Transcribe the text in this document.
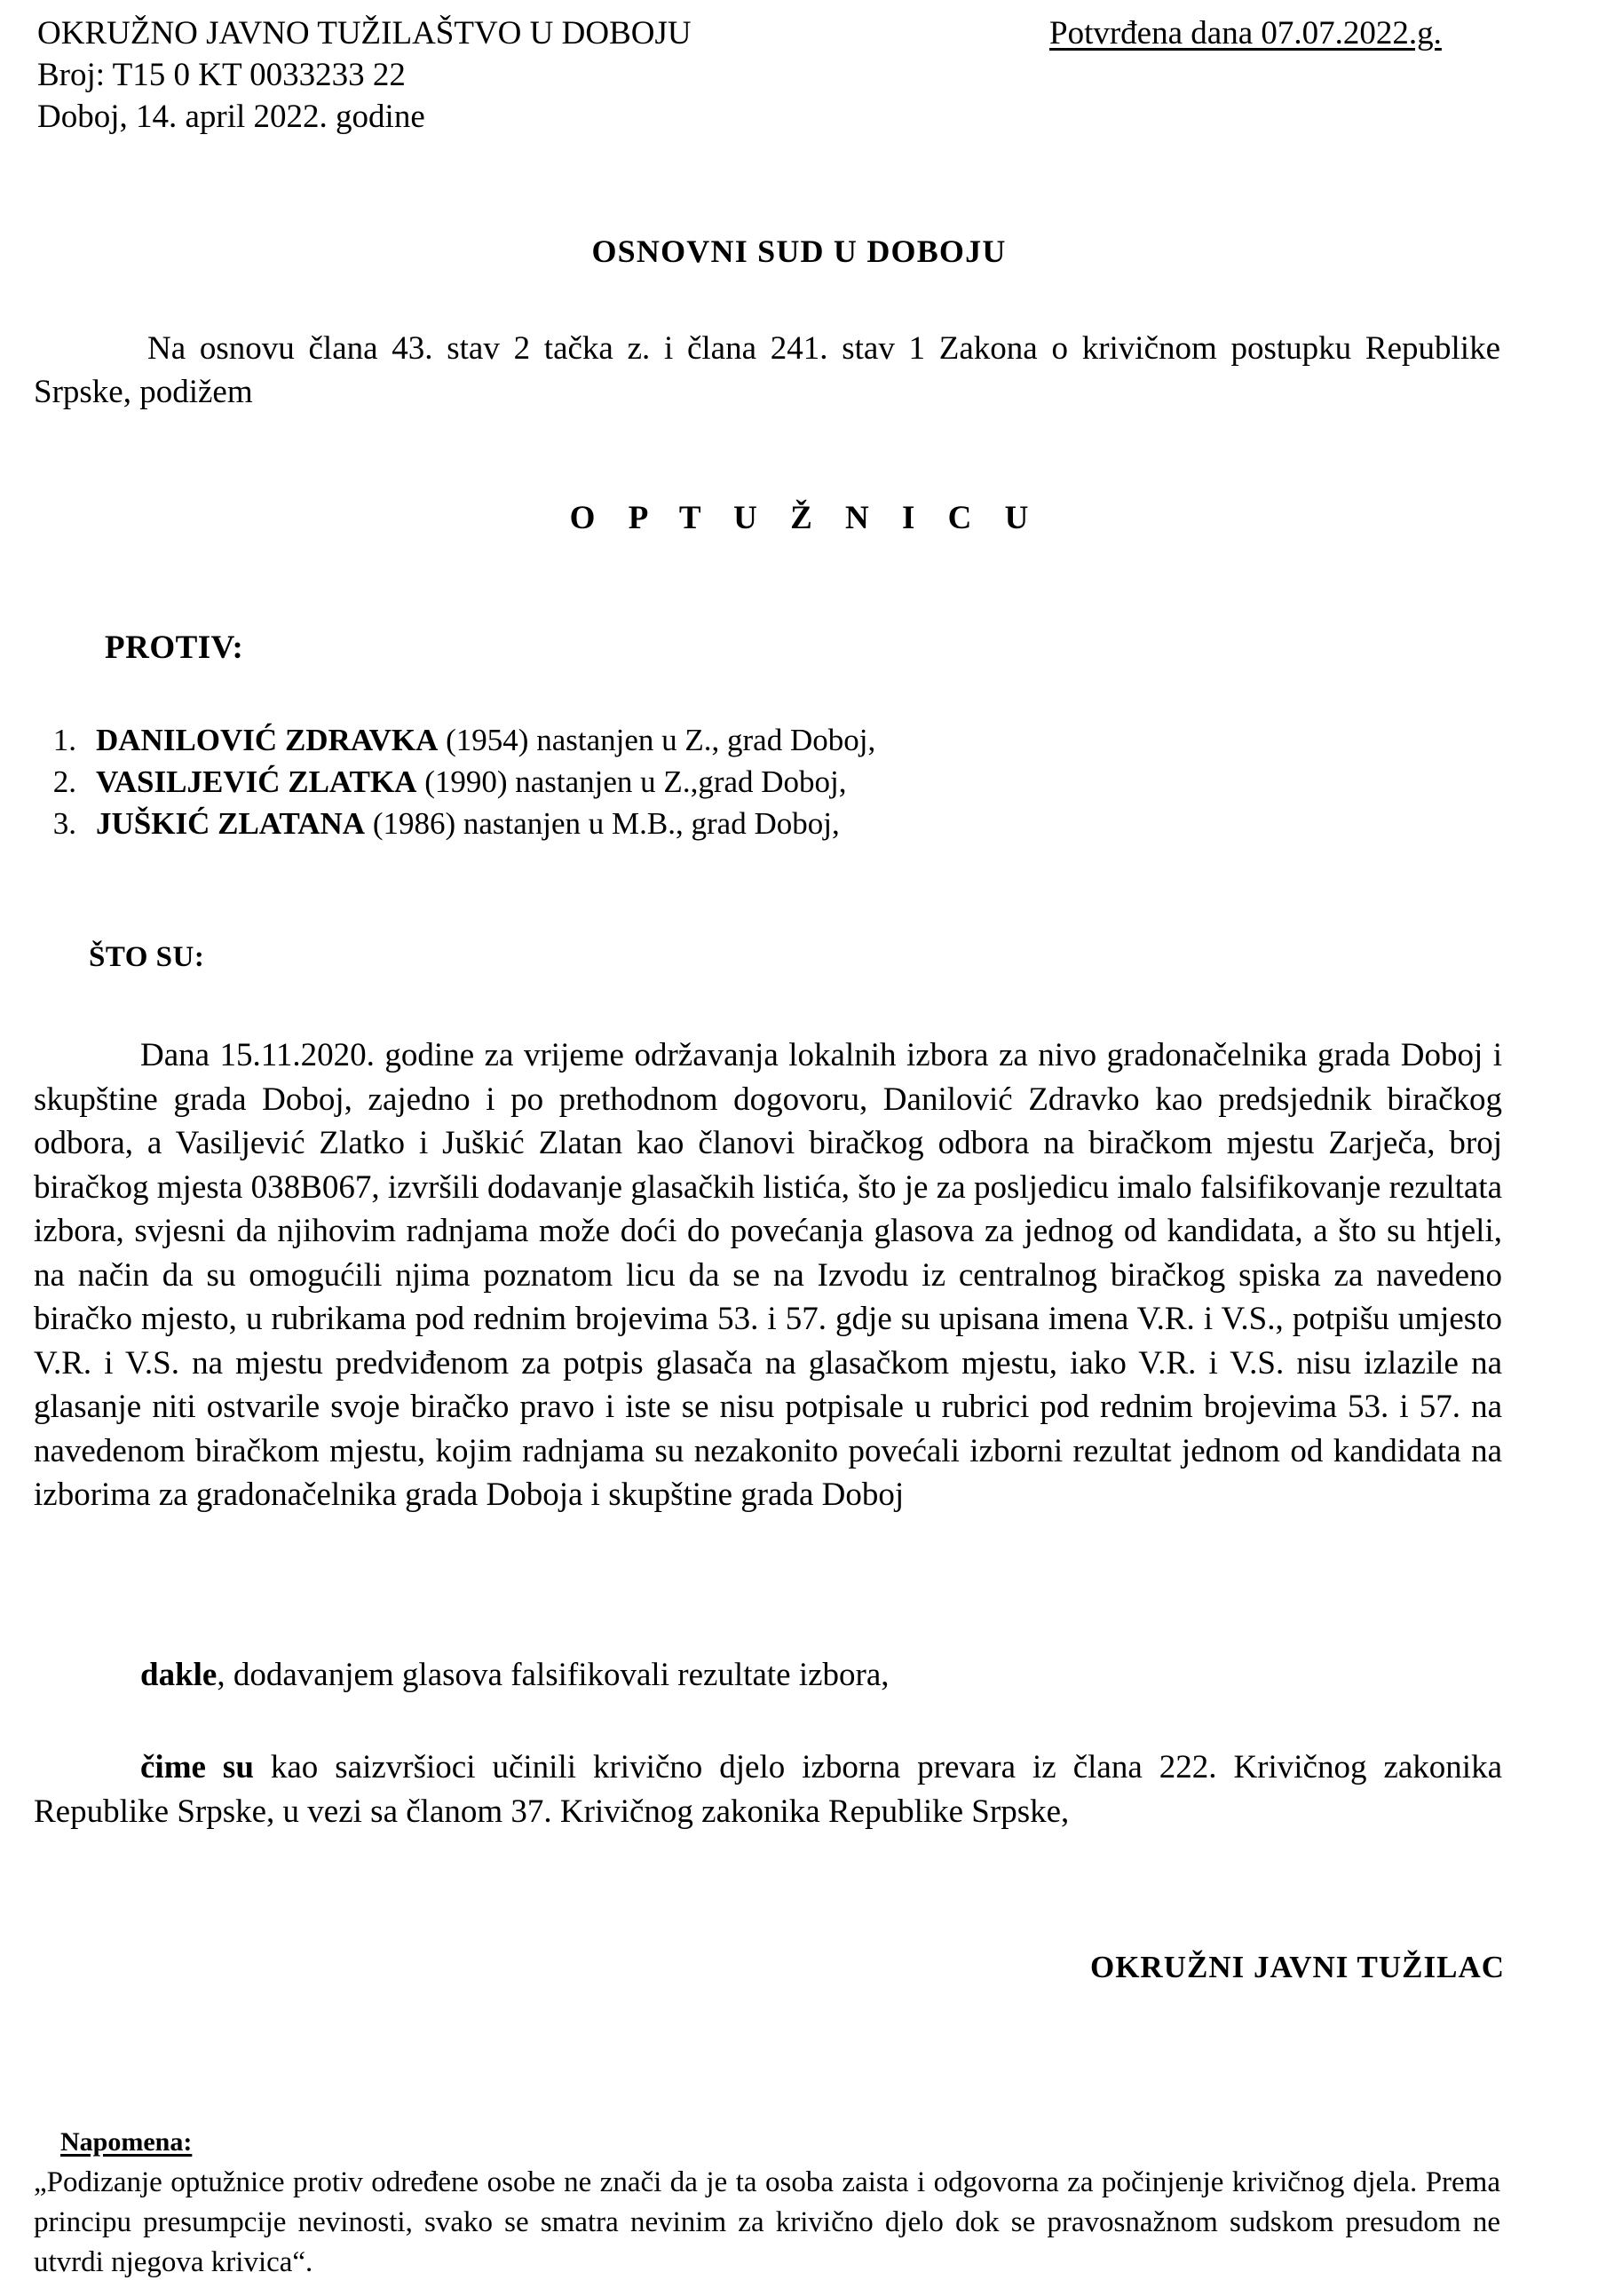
OKRUŽNO JAVNO TUŽILAŠTVO U DOBOJU	Potvrđena dana 07.07.2022.g.
Broj: T15 0 KT 0033233 22
Doboj, 14. april 2022. godine
OSNOVNI SUD U DOBOJU
Na osnovu člana 43. stav 2 tačka z. i člana 241. stav 1 Zakona o krivičnom postupku Republike Srpske, podižem
O P T U Ž N I C U
PROTIV:
1. DANILOVIĆ ZDRAVKA (1954) nastanjen u Z., grad Doboj,
2. VASILJEVIĆ ZLATKA (1990) nastanjen u Z.,grad Doboj,
3. JUŠKIĆ ZLATANA (1986) nastanjen u M.B., grad Doboj,
ŠTO SU:
Dana 15.11.2020. godine za vrijeme održavanja lokalnih izbora za nivo gradonačelnika grada Doboj i skupštine grada Doboj, zajedno i po prethodnom dogovoru, Danilović Zdravko kao predsjednik biračkog odbora, a Vasiljević Zlatko i Juškić Zlatan kao članovi biračkog odbora na biračkom mjestu Zarječa, broj biračkog mjesta 038B067, izvršili dodavanje glasačkih listića, što je za posljedicu imalo falsifikovanje rezultata izbora, svjesni da njihovim radnjama može doći do povećanja glasova za jednog od kandidata, a što su htjeli, na način da su omogućili njima poznatom licu da se na Izvodu iz centralnog biračkog spiska za navedeno biračko mjesto, u rubrikama pod rednim brojevima 53. i 57. gdje su upisana imena V.R. i V.S., potpišu umjesto V.R. i V.S. na mjestu predviđenom za potpis glasača na glasačkom mjestu, iako V.R. i V.S. nisu izlazile na glasanje niti ostvarile svoje biračko pravo i iste se nisu potpisale u rubrici pod rednim brojevima 53. i 57. na navedenom biračkom mjestu, kojim radnjama su nezakonito povećali izborni rezultat jednom od kandidata na izborima za gradonačelnika grada Doboja i skupštine grada Doboj
dakle, dodavanjem glasova falsifikovali rezultate izbora,
čime su kao saizvršioci učinili krivično djelo izborna prevara iz člana 222. Krivičnog zakonika Republike Srpske, u vezi sa članom 37. Krivičnog zakonika Republike Srpske,
OKRUŽNI JAVNI TUŽILAC
Napomena:
„Podizanje optužnice protiv određene osobe ne znači da je ta osoba zaista i odgovorna za počinjenje krivičnog djela. Prema principu presumpcije nevinosti, svako se smatra nevinim za krivično djelo dok se pravosnažnom sudskom presudom ne utvrdi njegova krivica“.
